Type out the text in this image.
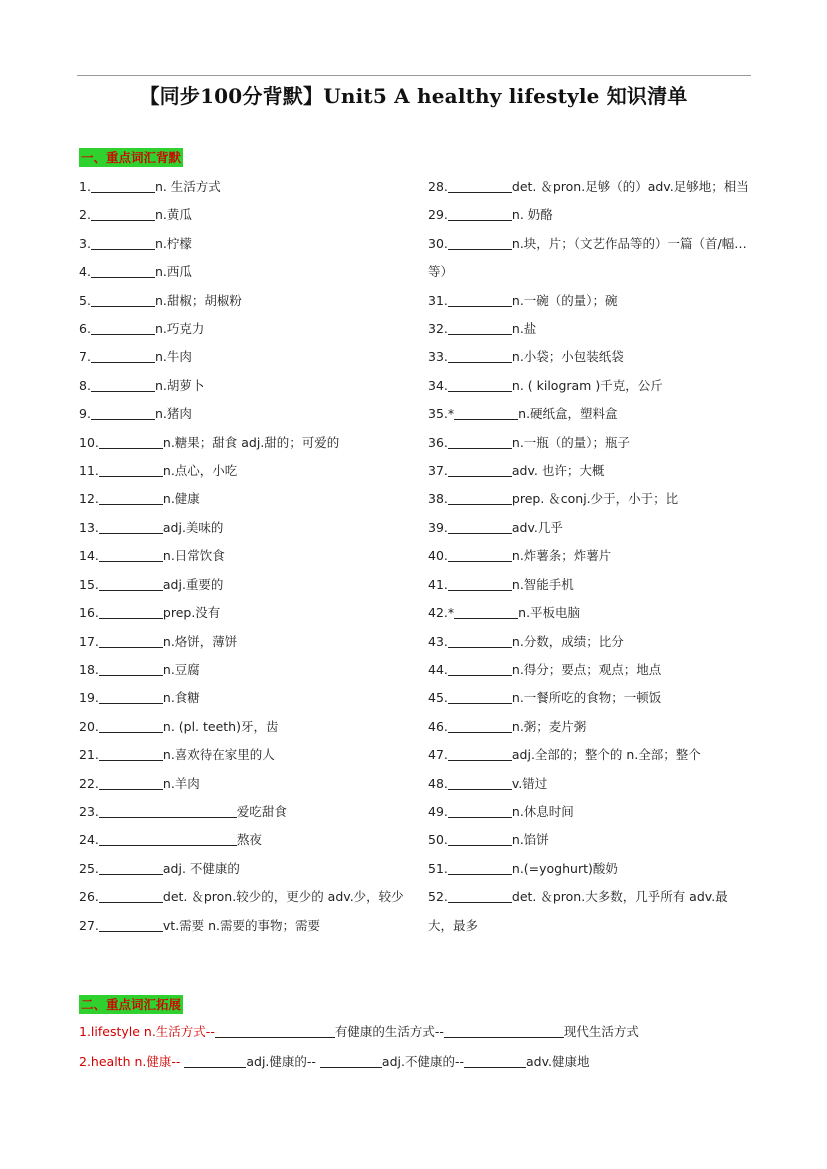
【同步100分背默】Unit5 A healthy lifestyle 知识清单
一、重点词汇背默
1.	n. 生活方式
2.	n.黄瓜
3.	n.柠檬
4.	n.西瓜
5.	n.甜椒；胡椒粉
6.	n.巧克力
7.	n.牛肉
8.	n.胡萝卜
9.	n.猪肉
10.	n.糖果；甜食 adj.甜的；可爱的
11.	n.点心，小吃
12.	n.健康
13.	adj.美味的
14.	n.日常饮食
15.	adj.重要的
16.	prep.没有
17.	n.烙饼，薄饼
18.	n.豆腐
19.	n.食糖
20.	n. (pl. teeth)牙，齿
21.	n.喜欢待在家里的人
22.	n.羊肉
23.	爱吃甜食
24.	熬夜
25.	adj. 不健康的
26.	det. ＆pron.较少的，更少的 adv.少，较少
27.	vt.需要 n.需要的事物；需要
28.	det. ＆pron.足够（的）adv.足够地；相当
29.	n. 奶酪
30.	n.块，片；（文艺作品等的）一篇（首/幅…等）
31.	n.一碗（的量）；碗
32.	n.盐
33.	n.小袋；小包装纸袋
34.	n. ( kilogram )千克，公斤
35.*	n.硬纸盒，塑料盒
36.	n.一瓶（的量）；瓶子
37.	adv. 也许；大概
38.	prep. ＆conj.少于，小于；比
39.	adv.几乎
40.	n.炸薯条；炸薯片
41.	n.智能手机
42.*	n.平板电脑
43.	n.分数，成绩；比分
44.	n.得分；要点；观点；地点
45.	n.一餐所吃的食物；一顿饭
46.	n.粥；麦片粥
47.	adj.全部的；整个的 n.全部；整个
48.	v.错过
49.	n.休息时间
50.	n.馅饼
51.	n.(=yoghurt)酸奶
52.	det. ＆pron.大多数，几乎所有 adv.最大，最多
二、重点词汇拓展
1.lifestyle n.生活方式--	有健康的生活方式--	现代生活方式
2.health n.健康--	adj.健康的--	adj.不健康的--	adv.健康地
